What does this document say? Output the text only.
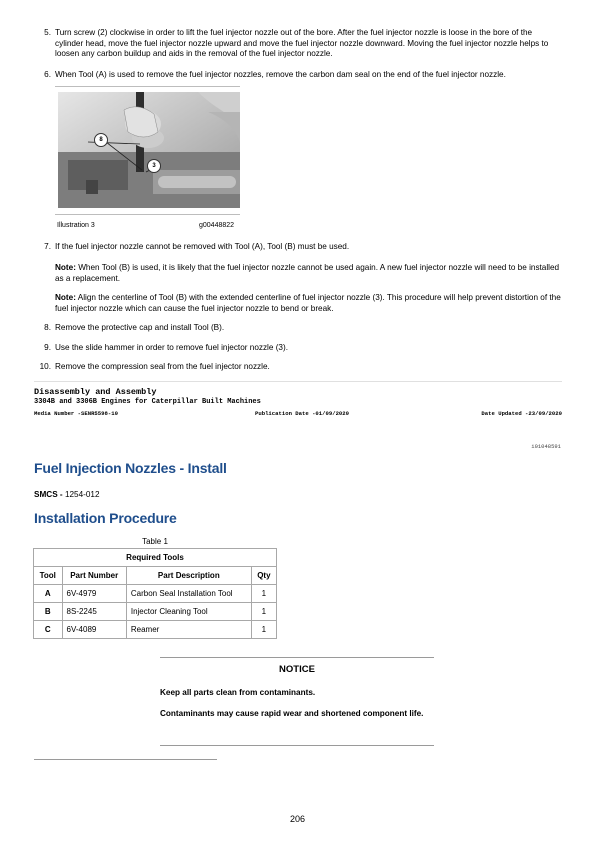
5. Turn screw (2) clockwise in order to lift the fuel injector nozzle out of the bore. After the fuel injector nozzle is loose in the bore of the cylinder head, move the fuel injector nozzle upward and move the fuel injector nozzle downward. Moving the fuel injector nozzle helps to loosen any carbon buildup and aids in the removal of the fuel injector nozzle.
6. When Tool (A) is used to remove the fuel injector nozzles, remove the carbon dam seal on the end of the fuel injector nozzle.
8
3
Illustration 3	g00448822
7. If the fuel injector nozzle cannot be removed with Tool (A), Tool (B) must be used.
Note: When Tool (B) is used, it is likely that the fuel injector nozzle cannot be used again. A new fuel injector nozzle will need to be installed as a replacement.
Note: Align the centerline of Tool (B) with the extended centerline of fuel injector nozzle (3). This procedure will help prevent distortion of the fuel injector nozzle which can cause the fuel injector nozzle to bend or break.
8. Remove the protective cap and install Tool (B).
9. Use the slide hammer in order to remove fuel injector nozzle (3).
10. Remove the compression seal from the fuel injector nozzle.
Disassembly and Assembly
3304B and 3306B Engines for Caterpillar Built Machines
Media Number -SENR5598-10	Publication Date -01/09/2020	Date Updated -23/09/2020
i01048591
Fuel Injection Nozzles - Install
SMCS - 1254-012
Installation Procedure
Table 1
Required Tools			
Tool	Part Number	Part Description	Qty
A	6V-4979	Carbon Seal Installation Tool	1
B	8S-2245	Injector Cleaning Tool	1
C	6V-4089	Reamer	1
NOTICE
Keep all parts clean from contaminants.
Contaminants may cause rapid wear and shortened component life.
206
